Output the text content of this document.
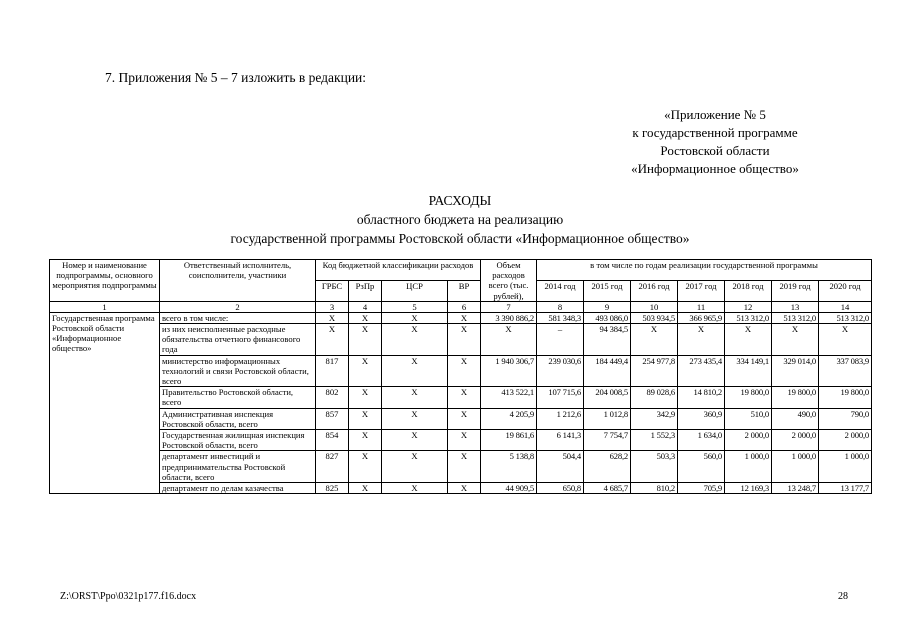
7. Приложения № 5 – 7 изложить в редакции:
«Приложение № 5
к государственной программе
Ростовской области
«Информационное общество»
РАСХОДЫ
областного бюджета на реализацию
государственной программы Ростовской области «Информационное общество»
Номер и наименование подпрограммы, основного мероприятия подпрограммы	Ответственный исполнитель, соисполнители, участники	Код бюджетной классификации расходов				Объем расходов всего (тыс. рублей),	в том числе по годам реализации государственной программы						
		ГРБС	РзПр	ЦСР	ВР		2014 год	2015 год	2016 год	2017 год	2018 год	2019 год	2020 год
1	2	3	4	5	6	7	8	9	10	11	12	13	14
Государственная программа Ростовской области «Информационное общество»	всего в том числе:	Х	Х	Х	Х	3 390 886,2	581 348,3	493 086,0	503 934,5	366 965,9	513 312,0	513 312,0	513 312,0
	из них неисполненные расходные обязательства отчетного финансового года	Х	Х	Х	Х	Х	–	94 384,5	Х	Х	Х	Х	Х
	министерство информационных технологий и связи Ростовской области, всего	817	Х	Х	Х	1 940 306,7	239 030,6	184 449,4	254 977,8	273 435,4	334 149,1	329 014,0	337 083,9
	Правительство Ростовской области, всего	802	Х	Х	Х	413 522,1	107 715,6	204 008,5	89 028,6	14 810,2	19 800,0	19 800,0	19 800,0
	Административная инспекция Ростовской области, всего	857	Х	Х	Х	4 205,9	1 212,6	1 012,8	342,9	360,9	510,0	490,0	790,0
	Государственная жилищная инспекция Ростовской области, всего	854	Х	Х	Х	19 861,6	6 141,3	7 754,7	1 552,3	1 634,0	2 000,0	2 000,0	2 000,0
	департамент инвестиций и предпринимательства Ростовской области, всего	827	Х	Х	Х	5 138,8	504,4	628,2	503,3	560,0	1 000,0	1 000,0	1 000,0
	департамент по делам казачества	825	Х	Х	Х	44 909,5	650,8	4 685,7	810,2	705,9	12 169,3	13 248,7	13 177,7
Z:\ORST\Ppo\0321p177.f16.docx	28
